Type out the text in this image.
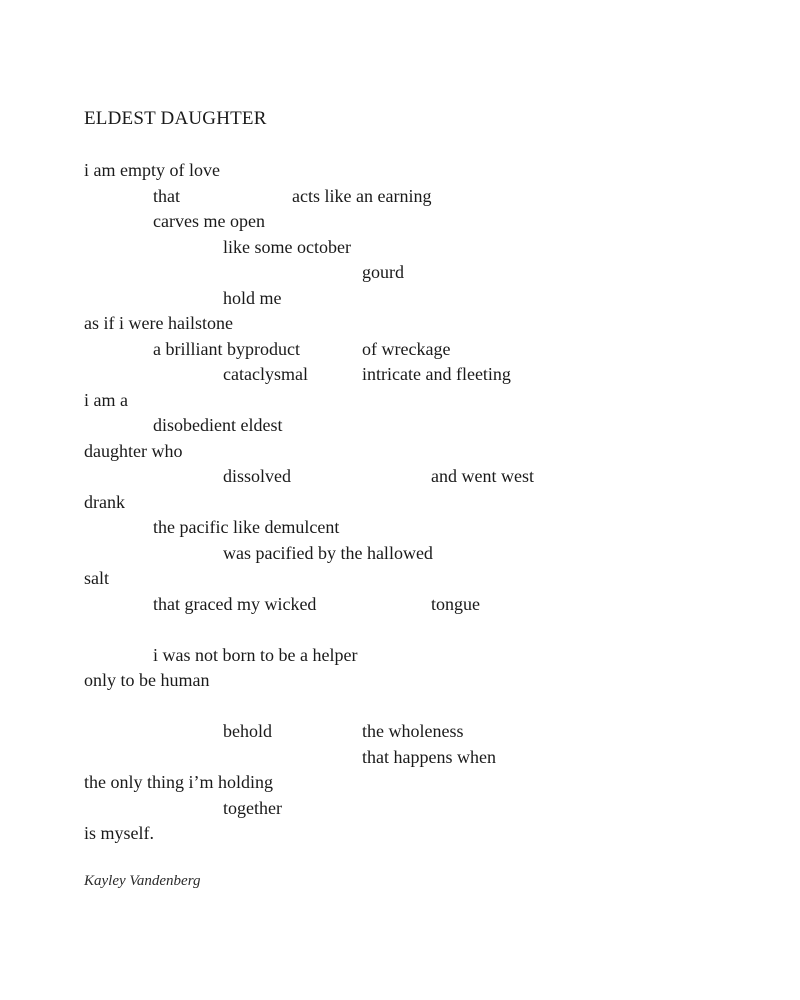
ELDEST DAUGHTER
i am empty of love
that	acts like an earning
carves me open
like some october
gourd
hold me
as if i were hailstone
a brilliant byproduct	of wreckage
cataclysmal	intricate and fleeting
i am a
disobedient eldest
daughter who
dissolved	and went west
drank
the pacific like demulcent
was pacified by the hallowed
salt
that graced my wicked	tongue
i was not born to be a helper
only to be human
behold	the wholeness
that happens when
the only thing i’m holding
together
is myself.
Kayley Vandenberg
